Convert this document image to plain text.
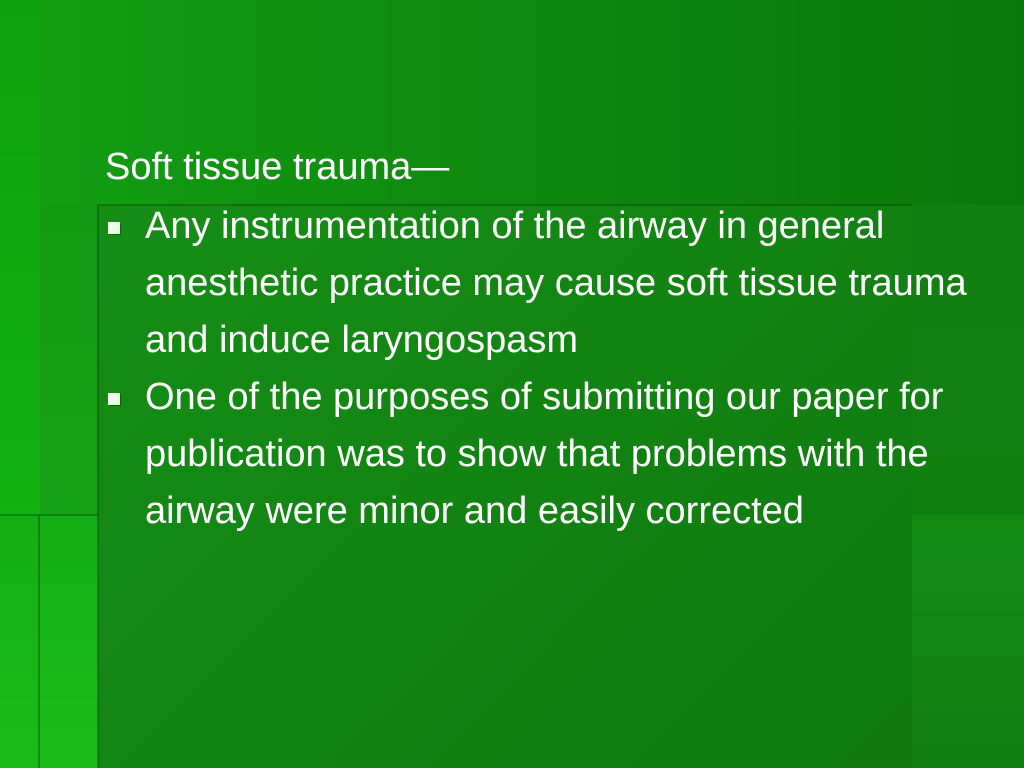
Soft tissue trauma—
Any instrumentation of the airway in general anesthetic practice may cause soft tissue trauma and induce laryngospasm
One of the purposes of submitting our paper for publication was to show that problems with the airway were minor and easily corrected
